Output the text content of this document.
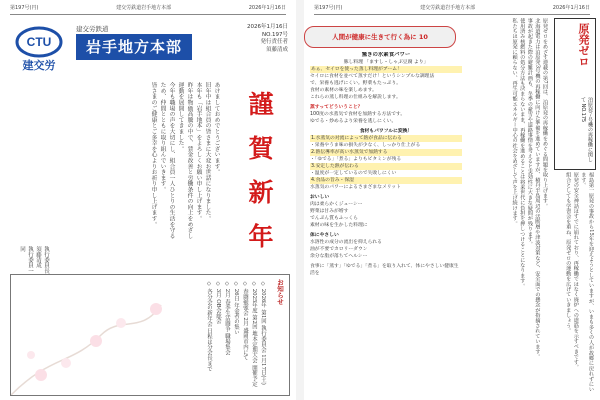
第197号(円)	建交労鉄道岩手地方本部	2026年1月16日
CTU
建交労
建交労鉄道
岩手地方本部
2026年1月16日
NO.197号
発行責任者
須藤清成

あけましておめでとうございます。

旧年中は組合員の皆さまに大変お世話になりました。

本年も「岩手地本」をよろしくお願い申し上げます。

昨年は物価高騰の中で、賃金改善と労働条件の向上をめざし運動を展開してきました。

今年も職場の声を大切にし、組合員一人ひとりの生活を守るため、仲間とともに取り組んでいきます。

皆さまのご健康とご多幸を心よりお祈り申し上げます。

執行委員長

須藤清成

執行委員一同

謹
賀
新
年
お知らせ

◇ 2026年 第1回 執行委員会 1月17日(土)

◇ 2025年度 第2回 地本定期大会 開催予定

◇ 春闘勉強会 2月 盛岡市内にて

◇ 26日 年金者の集い

◇ 2月 春季生活闘争 職場集会

◇ 3月 OB会総会

◇ 各分会の新年会 日程は分会長まで

第197号(円)	建交労鉄道岩手地方本部	2026年1月16日
人間が健康に生きて行く為に 10
驚きの水素食パワー
豚し料理 「ますし・しゃぶ豆腐 より」
あぁ、セイロを使った蒸し料理がブーム！
セイロに食材を並べて蒸すだけ！というシンプルな調理法
で、栄養も逃げにくい。野菜もたっぷり。
食材の素材の味を楽しめます。
これらの蒸し料理の仕組みを解説します。
蒸すってどういうこと？
100度の水蒸気で食材を加熱する方法です。
ゆでる・炒めるより栄養を逃しにくい。
食材もパワフルに変換！
1.水蒸気の対流によって熱が食品に伝わる
・栄養やうま味の損失が少なく、しっかり仕上がる
2.熱伝導率が高い水蒸気で加熱する
・「ゆでる」「煮る」よりもビタミンが残る
3.安定した熱が伝わる
・温度が一定しているので失敗しにくい
4.食品の旨み・保湿
水蒸気のパワーによるさまざまなメリット
おいしい
肉は柔らかくジューシー
野菜は甘みが増す
でんぷん質もふっくら
素材の味を生かした料理に
体にやさしい
水溶性の成分の流出を抑えられる
油が不要でカロリーダウン
余分な脂が落ちてヘルシー
食事に「蒸す」「ゆでる」「煮る」を取り入れて、体にやさしい健康生活を

原発ゼロをめざす連載の第7回は、泊原発の再稼働をめぐる問題を取り上げます。

北海道電力は泊原発3号機の再稼働に向けた準備を進めていますが、積丹半島周辺の活断層や津波対策など、安全面での懸念が指摘されています。

事故が起きた際の避難計画も、冬季の豪雪や道路事情を考えると実効性に大きな疑問が残ります。

使用済み核燃料の処分方法も決まらないまま、再稼働を進めることは将来世代に負担を押しつけることになります。

私たちは原発に頼らない、再生可能エネルギー中心の社会をめざして声を上げ続けます。	原発ゼロ
泊原発７号機の再稼働に関して NO.175

福島第一原発の事故から15年を迎えようとしていますが、いまも多くの人が故郷に戻れずにいます。

原発の安全神話はすでに崩れており、再稼働ではなく廃炉への道筋を示すべきです。

組合としても学習会を重ね、原発ゼロの運動を広げていきましょう。
